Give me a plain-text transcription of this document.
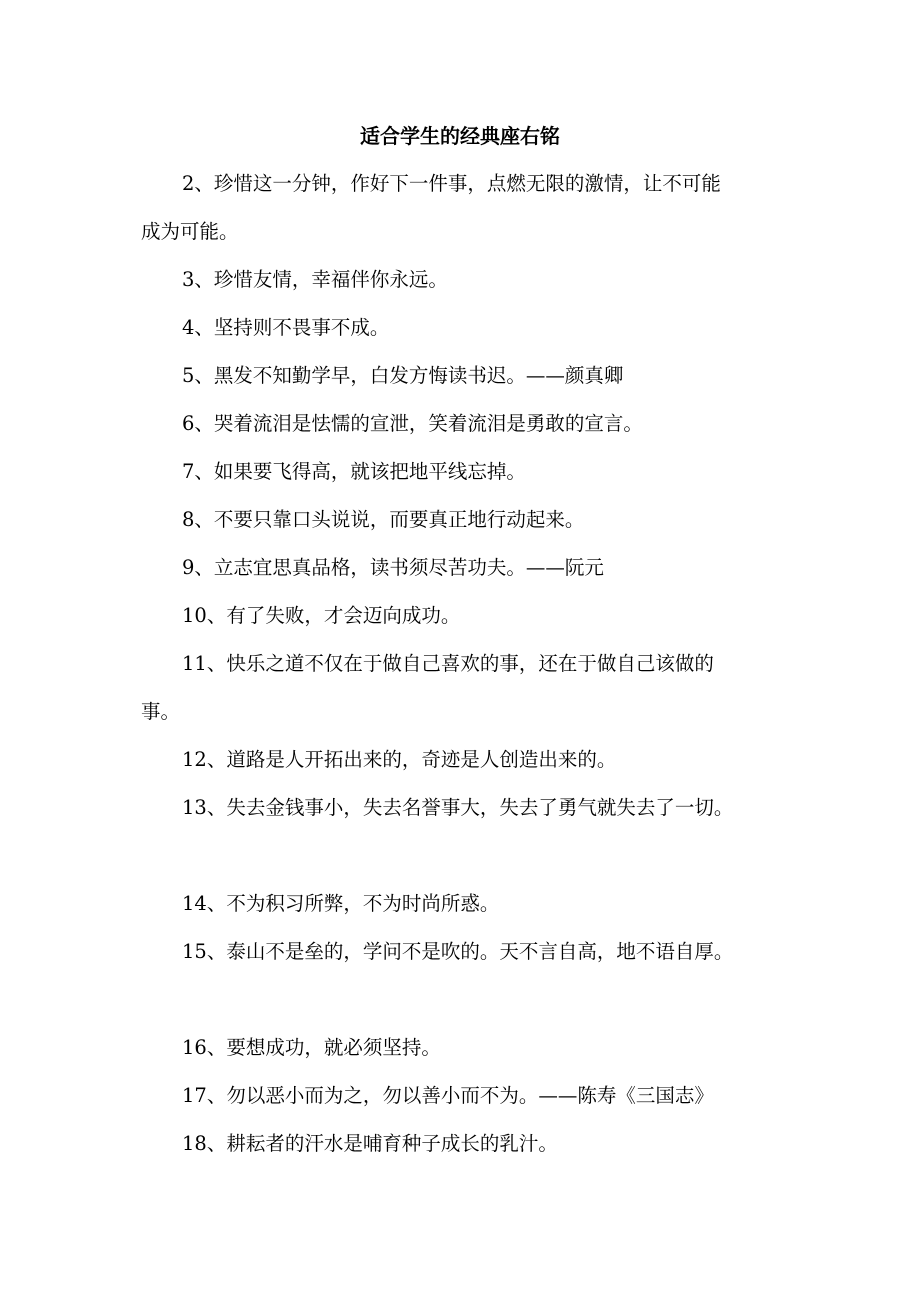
适合学生的经典座右铭
2、珍惜这一分钟，作好下一件事，点燃无限的激情，让不可能
成为可能。
3、珍惜友情，幸福伴你永远。
4、坚持则不畏事不成。
5、黑发不知勤学早，白发方悔读书迟。——颜真卿
6、哭着流泪是怯懦的宣泄，笑着流泪是勇敢的宣言。
7、如果要飞得高，就该把地平线忘掉。
8、不要只靠口头说说，而要真正地行动起来。
9、立志宜思真品格，读书须尽苦功夫。——阮元
10、有了失败，才会迈向成功。
11、快乐之道不仅在于做自己喜欢的事，还在于做自己该做的
事。
12、道路是人开拓出来的，奇迹是人创造出来的。
13、失去金钱事小，失去名誉事大，失去了勇气就失去了一切。
14、不为积习所弊，不为时尚所惑。
15、泰山不是垒的，学问不是吹的。天不言自高，地不语自厚。
16、要想成功，就必须坚持。
17、勿以恶小而为之，勿以善小而不为。——陈寿《三国志》
18、耕耘者的汗水是哺育种子成长的乳汁。
